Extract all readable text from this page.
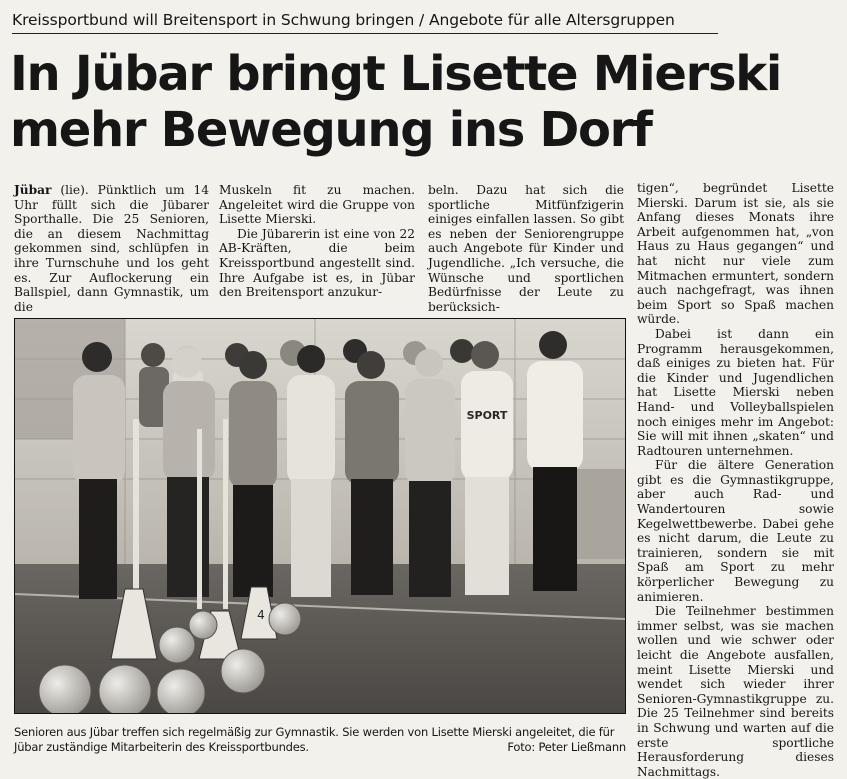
Kreissportbund will Breitensport in Schwung bringen / Angebote für alle Altersgruppen
In Jübar bringt Lisette Mierski
mehr Bewegung ins Dorf

Jübar (lie). Pünktlich um 14 Uhr füllt sich die Jübarer Sporthalle. Die 25 Senioren, die an diesem Nachmittag gekommen sind, schlüpfen in ihre Turnschuhe und los geht es. Zur Auflockerung ein Ballspiel, dann Gymnastik, um die

Muskeln fit zu machen. Angeleitet wird die Gruppe von Lisette Mierski.

Die Jübarerin ist eine von 22 AB-Kräften, die beim Kreissportbund angestellt sind. Ihre Aufgabe ist es, in Jübar den Breitensport anzukur-

beln. Dazu hat sich die sportliche Mitfünfzigerin einiges einfallen lassen. So gibt es neben der Seniorengruppe auch Angebote für Kinder und Jugendliche. „Ich versuche, die Wünsche und sportlichen Bedürfnisse der Leute zu berücksich-

tigen“, begründet Lisette Mierski. Darum ist sie, als sie Anfang dieses Monats ihre Arbeit aufgenommen hat, „von Haus zu Haus gegangen“ und hat nicht nur viele zum Mitmachen ermuntert, sondern auch nachgefragt, was ihnen beim Sport so Spaß machen würde.

Dabei ist dann ein Programm herausgekommen, daß einiges zu bieten hat. Für die Kinder und Jugendlichen hat Lisette Mierski neben Hand- und Volleyballspielen noch einiges mehr im Angebot: Sie will mit ihnen „skaten“ und Radtouren unternehmen.

Für die ältere Generation gibt es die Gymnastikgruppe, aber auch Rad- und Wandertouren sowie Kegelwettbewerbe. Dabei gehe es nicht darum, die Leute zu trainieren, sondern sie mit Spaß am Sport zu mehr körperlicher Bewegung zu animieren.

Die Teilnehmer bestimmen immer selbst, was sie machen wollen und wie schwer oder leicht die Angebote ausfallen, meint Lisette Mierski und wendet sich wieder ihrer Senioren-Gymnastikgruppe zu. Die 25 Teilnehmer sind bereits in Schwung und warten auf die erste sportliche Herausforderung dieses Nachmittags.

SPORT
4
Senioren aus Jübar treffen sich regelmäßig zur Gymnastik. Sie werden von Lisette Mierski angeleitet, die für Jübar zuständige Mitarbeiterin des Kreissportbundes.	Foto: Peter Ließmann
